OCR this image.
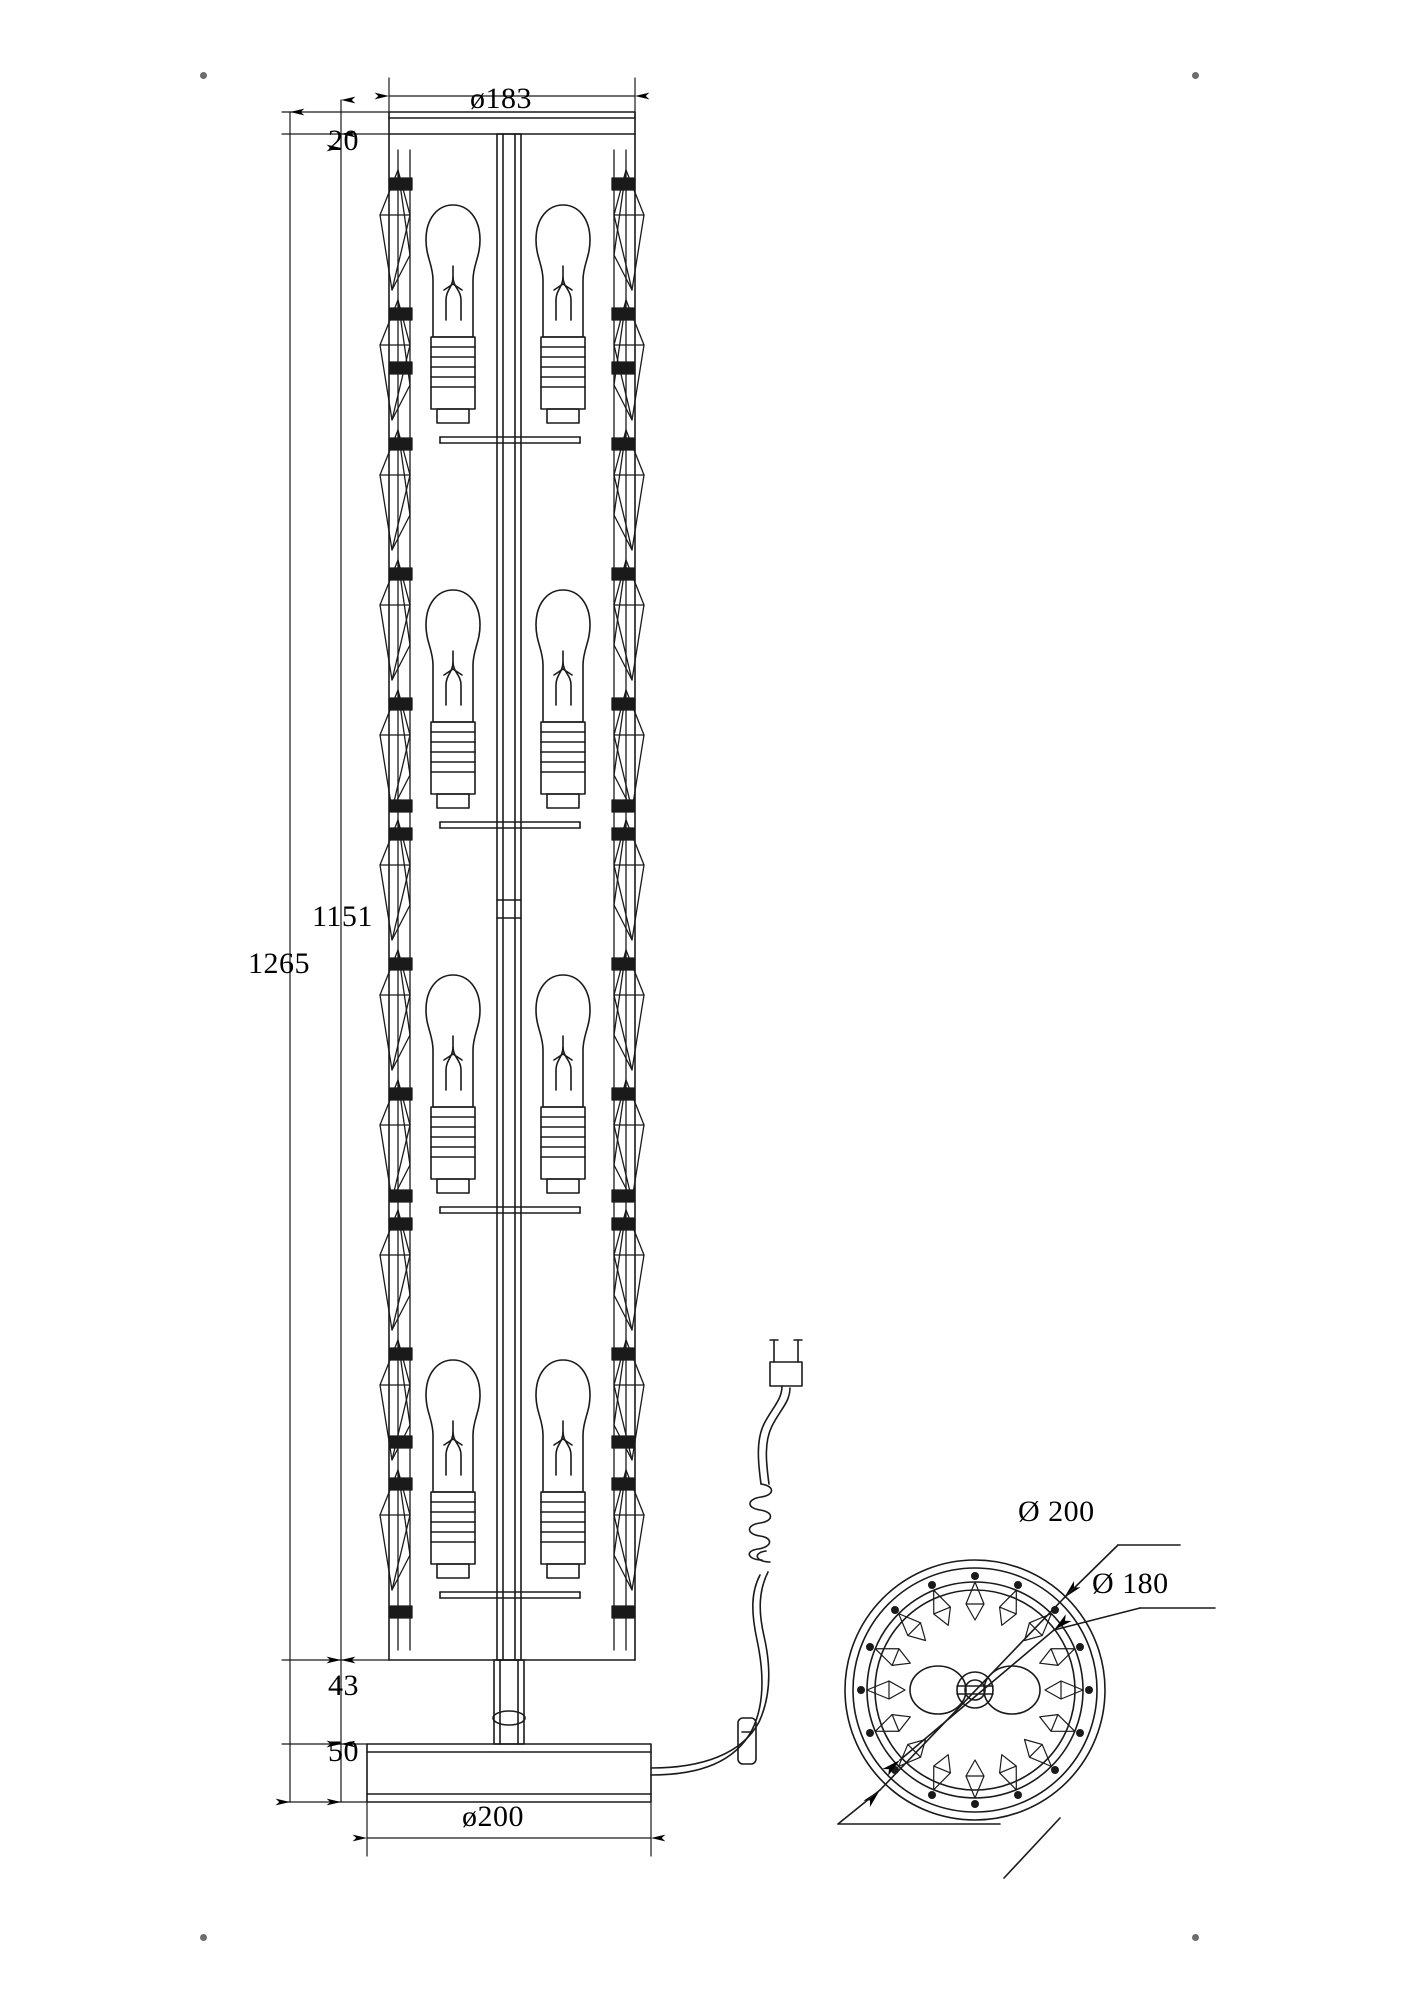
1265
1151
20
43
50
ø183
ø200
Ø 200
Ø 180
